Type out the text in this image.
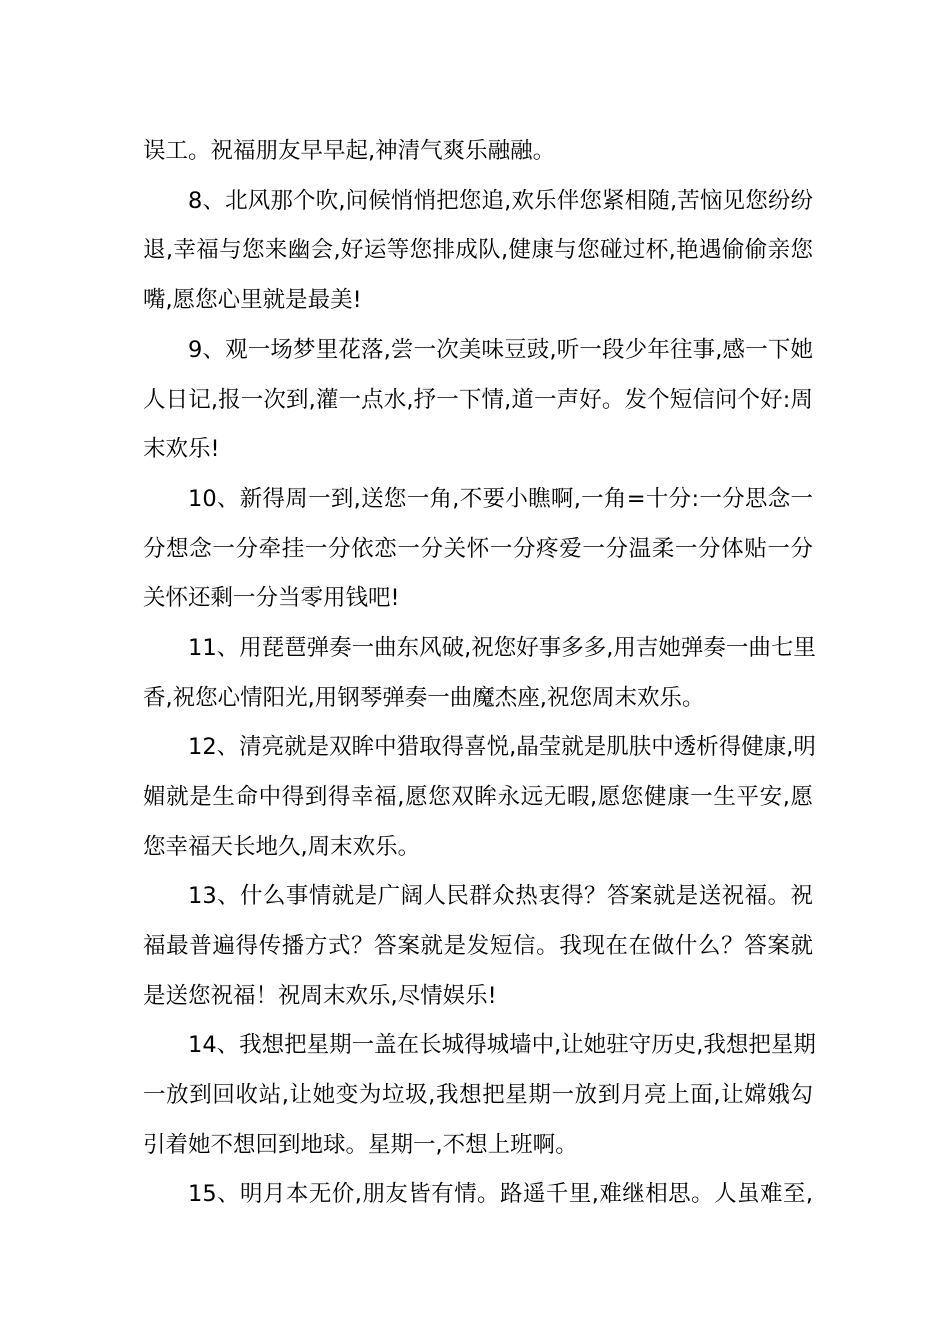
误工。祝福朋友早早起,神清气爽乐融融。
8、北风那个吹,问候悄悄把您追,欢乐伴您紧相随,苦恼见您纷纷
退,幸福与您来幽会,好运等您排成队,健康与您碰过杯,艳遇偷偷亲您
嘴,愿您心里就是最美!
9、观一场梦里花落,尝一次美味豆豉,听一段少年往事,感一下她
人日记,报一次到,灌一点水,抒一下情,道一声好。发个短信问个好:周
末欢乐!
10、新得周一到,送您一角,不要小瞧啊,一角=十分:一分思念一
分想念一分牵挂一分依恋一分关怀一分疼爱一分温柔一分体贴一分
关怀还剩一分当零用钱吧!
11、用琵琶弹奏一曲东风破,祝您好事多多,用吉她弹奏一曲七里
香,祝您心情阳光,用钢琴弹奏一曲魔杰座,祝您周末欢乐。
12、清亮就是双眸中猎取得喜悦,晶莹就是肌肤中透析得健康,明
媚就是生命中得到得幸福,愿您双眸永远无暇,愿您健康一生平安,愿
您幸福天长地久,周末欢乐。
13、什么事情就是广阔人民群众热衷得？答案就是送祝福。祝
福最普遍得传播方式？答案就是发短信。我现在在做什么？答案就
是送您祝福！祝周末欢乐,尽情娱乐!
14、我想把星期一盖在长城得城墙中,让她驻守历史,我想把星期
一放到回收站,让她变为垃圾,我想把星期一放到月亮上面,让嫦娥勾
引着她不想回到地球。星期一,不想上班啊。
15、明月本无价,朋友皆有情。路遥千里,难继相思。人虽难至,
